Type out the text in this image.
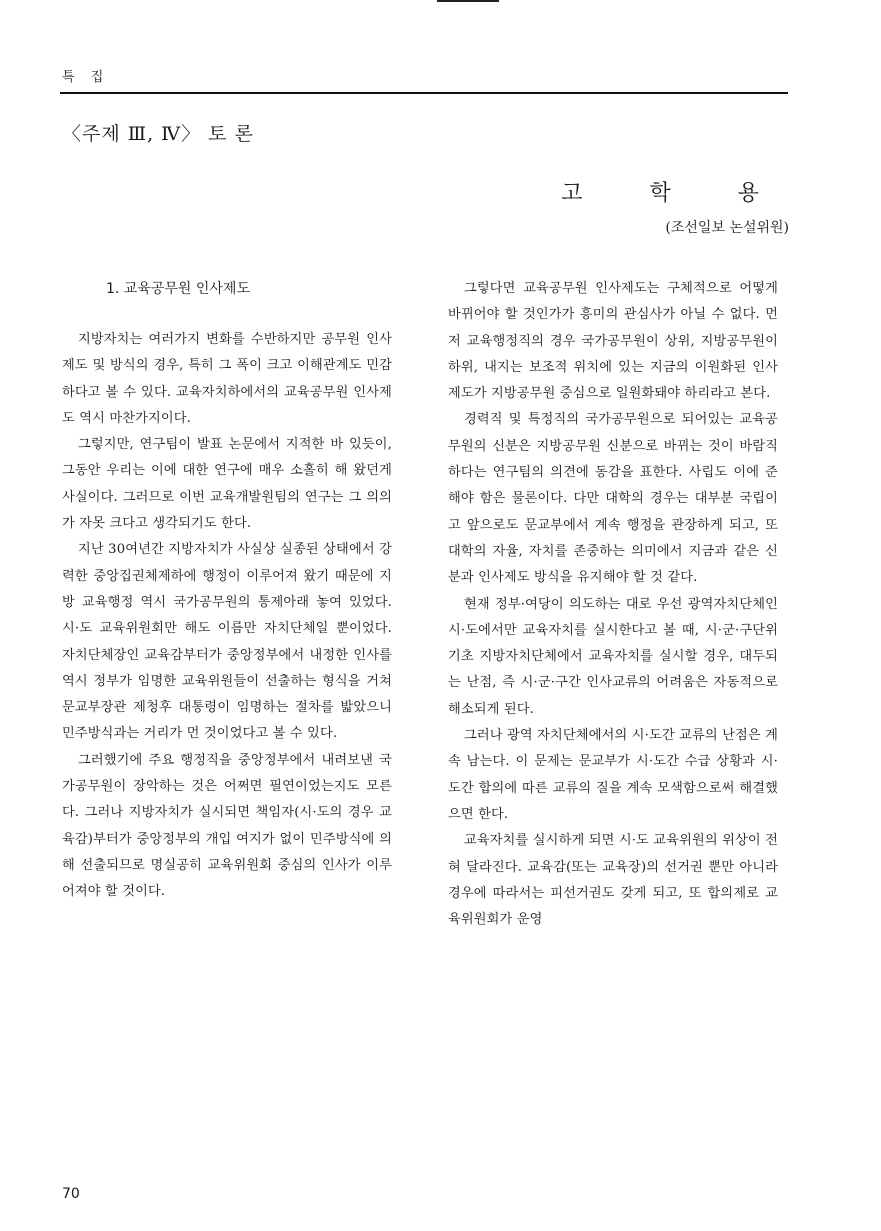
특 집
〈주제 Ⅲ, Ⅳ〉 토 론
고 학 용
(조선일보 논설위원)
1. 교육공무원 인사제도

지방자치는 여러가지 변화를 수반하지만 공무원 인사제도 및 방식의 경우, 특히 그 폭이 크고 이해관계도 민감하다고 볼 수 있다. 교육자치하에서의 교육공무원 인사제도 역시 마찬가지이다.

그렇지만, 연구팀이 발표 논문에서 지적한 바 있듯이, 그동안 우리는 이에 대한 연구에 매우 소홀히 해 왔던게 사실이다. 그러므로 이번 교육개발원팀의 연구는 그 의의가 자못 크다고 생각되기도 한다.

지난 30여년간 지방자치가 사실상 실종된 상태에서 강력한 중앙집권체제하에 행정이 이루어져 왔기 때문에 지방 교육행정 역시 국가공무원의 통제아래 놓여 있었다. 시·도 교육위원회만 해도 이름만 자치단체일 뿐이었다. 자치단체장인 교육감부터가 중앙정부에서 내정한 인사를 역시 정부가 임명한 교육위원들이 선출하는 형식을 거쳐 문교부장관 제청후 대통령이 임명하는 절차를 밟았으니 민주방식과는 거리가 먼 것이었다고 볼 수 있다.

그러했기에 주요 행정직을 중앙정부에서 내려보낸 국가공무원이 장악하는 것은 어쩌면 필연이었는지도 모른다. 그러나 지방자치가 실시되면 책임자(시·도의 경우 교육감)부터가 중앙정부의 개입 여지가 없이 민주방식에 의해 선출되므로 명실공히 교육위원회 중심의 인사가 이루어져야 할 것이다.

그렇다면 교육공무원 인사제도는 구체적으로 어떻게 바뀌어야 할 것인가가 흥미의 관심사가 아닐 수 없다. 먼저 교육행정직의 경우 국가공무원이 상위, 지방공무원이 하위, 내지는 보조적 위치에 있는 지금의 이원화된 인사제도가 지방공무원 중심으로 일원화돼야 하리라고 본다.

경력직 및 특정직의 국가공무원으로 되어있는 교육공무원의 신분은 지방공무원 신분으로 바뀌는 것이 바람직하다는 연구팀의 의견에 동감을 표한다. 사립도 이에 준해야 함은 물론이다. 다만 대학의 경우는 대부분 국립이고 앞으로도 문교부에서 계속 행정을 관장하게 되고, 또 대학의 자율, 자치를 존중하는 의미에서 지금과 같은 신분과 인사제도 방식을 유지해야 할 것 같다.

현재 정부·여당이 의도하는 대로 우선 광역자치단체인 시·도에서만 교육자치를 실시한다고 볼 때, 시·군·구단위 기초 지방자치단체에서 교육자치를 실시할 경우, 대두되는 난점, 즉 시·군·구간 인사교류의 어려움은 자동적으로 해소되게 된다.

그러나 광역 자치단체에서의 시·도간 교류의 난점은 계속 남는다. 이 문제는 문교부가 시·도간 수급 상황과 시·도간 합의에 따른 교류의 질을 계속 모색함으로써 해결했으면 한다.

교육자치를 실시하게 되면 시·도 교육위원의 위상이 전혀 달라진다. 교육감(또는 교육장)의 선거권 뿐만 아니라 경우에 따라서는 피선거권도 갖게 되고, 또 합의제로 교육위원회가 운영

70
